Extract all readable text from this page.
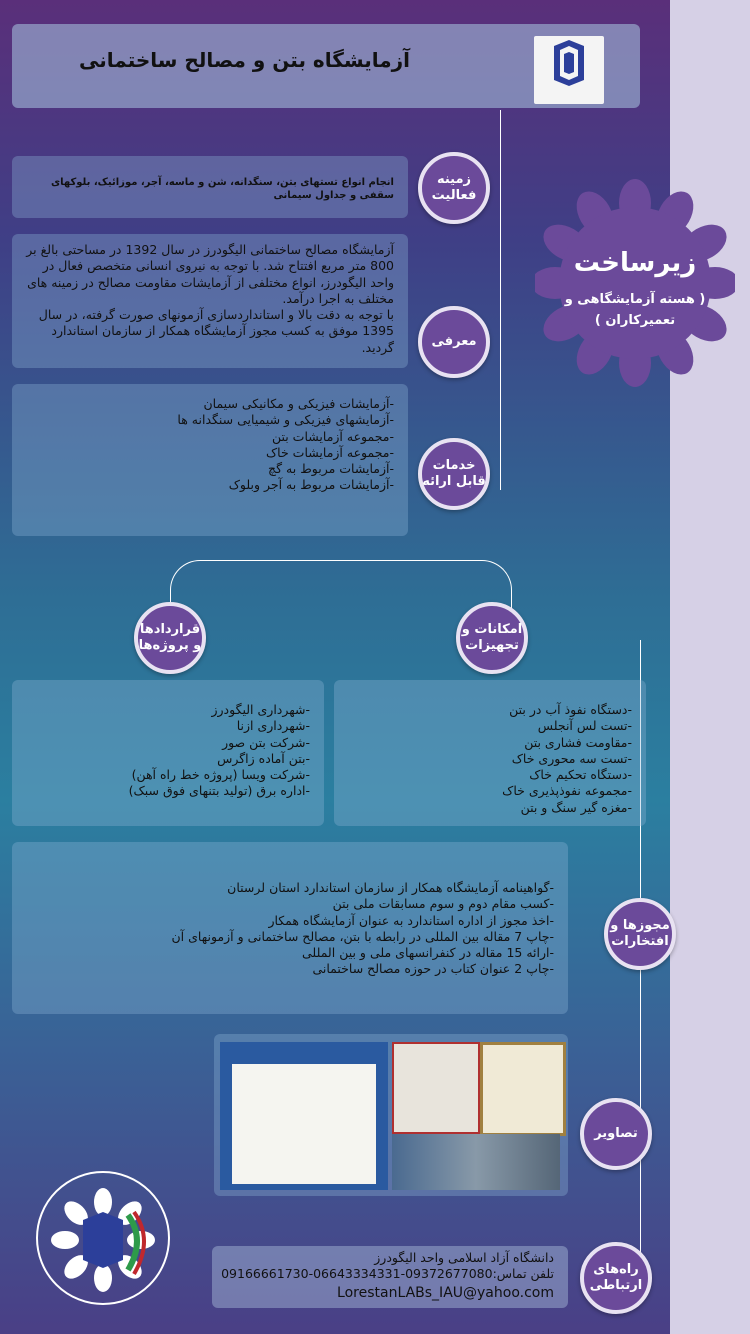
آزمایشگاه بتن و مصالح ساختمانی
زیرساخت
( هسته آزمایشگاهی و تعمیرکاران )
انجام انواع تستهای بتن، سنگدانه، شن و ماسه، آجر، موزائیک، بلوکهای سقفی و جداول سیمانی
زمینه فعالیت
آزمایشگاه مصالح ساختمانی الیگودرز در سال 1392 در مساحتی بالغ بر 800 متر مربع افتتاح شد. با توجه به نیروی انسانی متخصص فعال در واحد الیگودرز، انواع مختلفی از آزمایشات مقاومت مصالح در زمینه های مختلف به اجرا درآمد.
با توجه به دقت بالا و استانداردسازی آزمونهای صورت گرفته، در سال 1395 موفق به کسب مجوز آزمایشگاه همکار از سازمان استاندارد گردید.	معرفی
-آزمایشات فیزیکی و مکانیکی سیمان
-آزمایشهای فیزیکی و شیمیایی سنگدانه ها
-مجموعه آزمایشات بتن
-مجموعه آزمایشات خاک
-آزمایشات مربوط به گچ
-آزمایشات مربوط به آجر وبلوک
خدمات قابل ارائه
قراردادها و پروژه‌ها
امکانات و تجهیزات
-شهرداری الیگودرز
-شهرداری ازنا
-شرکت بتن صور
-بتن آماده زاگرس
-شرکت ویسا (پروژه خط راه آهن)
-اداره برق (تولید بتنهای فوق سبک)
-دستگاه نفوذ آب در بتن
-تست لس آنجلس
-مقاومت فشاری بتن
-تست سه محوری خاک
-دستگاه تحکیم خاک
-مجموعه نفوذپذیری خاک
-مغزه گیر سنگ و بتن
-گواهینامه آزمایشگاه همکار از سازمان استاندارد استان لرستان
-کسب مقام دوم و سوم مسابقات ملی بتن
-اخذ مجوز از اداره استاندارد به عنوان آزمایشگاه همکار
-چاپ 7 مقاله بین المللی در رابطه با بتن، مصالح ساختمانی و آزمونهای آن
-ارائه 15 مقاله در کنفرانسهای ملی و بین المللی
-چاپ 2 عنوان کتاب در حوزه مصالح ساختمانی
مجوزها و افتخارات
تصاویر
دانشگاه آزاد اسلامی واحد الیگودرز
تلفن تماس:09372677080-06643334331-09166661730
LorestanLABs_IAU@yahoo.com
راه‌های ارتباطی
